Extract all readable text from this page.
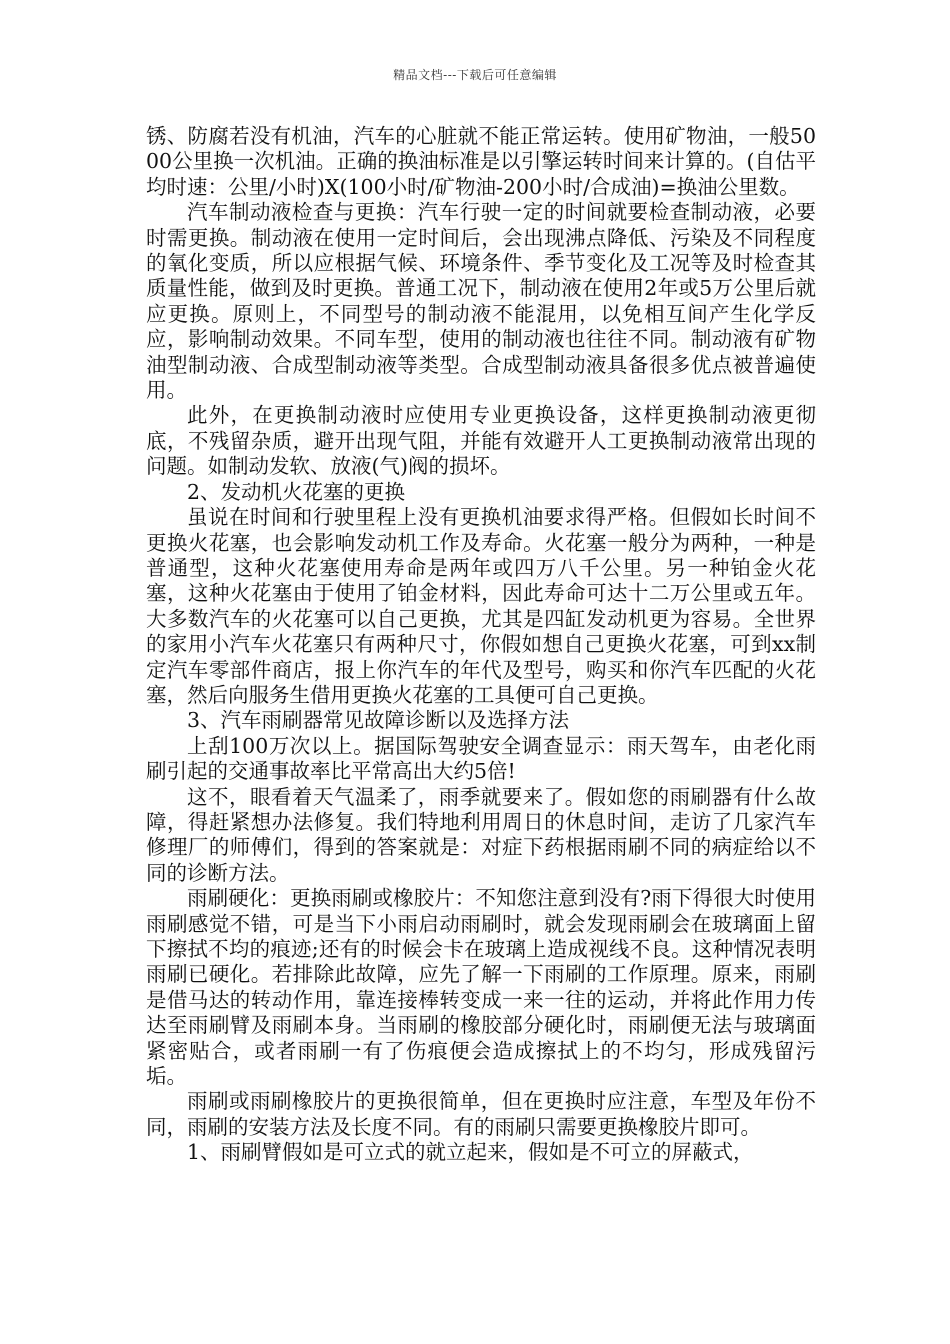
精品文档---下载后可任意编辑

锈、防腐若没有机油，汽车的心脏就不能正常运转。使用矿物油，一般5000公里换一次机油。正确的换油标准是以引擎运转时间来计算的。(自估平均时速：公里/小时)X(100小时/矿物油-200小时/合成油)=换油公里数。

汽车制动液检查与更换：汽车行驶一定的时间就要检查制动液，必要时需更换。制动液在使用一定时间后，会出现沸点降低、污染及不同程度的氧化变质，所以应根据气候、环境条件、季节变化及工况等及时检查其质量性能，做到及时更换。普通工况下，制动液在使用2年或5万公里后就应更换。原则上，不同型号的制动液不能混用，以免相互间产生化学反应，影响制动效果。不同车型，使用的制动液也往往不同。制动液有矿物油型制动液、合成型制动液等类型。合成型制动液具备很多优点被普遍使用。

此外，在更换制动液时应使用专业更换设备，这样更换制动液更彻底，不残留杂质，避开出现气阻，并能有效避开人工更换制动液常出现的问题。如制动发软、放液(气)阀的损坏。

2、发动机火花塞的更换

虽说在时间和行驶里程上没有更换机油要求得严格。但假如长时间不更换火花塞，也会影响发动机工作及寿命。火花塞一般分为两种，一种是普通型，这种火花塞使用寿命是两年或四万八千公里。另一种铂金火花塞，这种火花塞由于使用了铂金材料，因此寿命可达十二万公里或五年。大多数汽车的火花塞可以自己更换，尤其是四缸发动机更为容易。全世界的家用小汽车火花塞只有两种尺寸，你假如想自己更换火花塞，可到xx制定汽车零部件商店，报上你汽车的年代及型号，购买和你汽车匹配的火花塞，然后向服务生借用更换火花塞的工具便可自己更换。

3、汽车雨刷器常见故障诊断以及选择方法

上刮100万次以上。据国际驾驶安全调查显示：雨天驾车，由老化雨刷引起的交通事故率比平常高出大约5倍!

这不，眼看着天气温柔了，雨季就要来了。假如您的雨刷器有什么故障，得赶紧想办法修复。我们特地利用周日的休息时间，走访了几家汽车修理厂的师傅们，得到的答案就是：对症下药根据雨刷不同的病症给以不同的诊断方法。

雨刷硬化：更换雨刷或橡胶片：不知您注意到没有?雨下得很大时使用雨刷感觉不错，可是当下小雨启动雨刷时，就会发现雨刷会在玻璃面上留下擦拭不均的痕迹;还有的时候会卡在玻璃上造成视线不良。这种情况表明雨刷已硬化。若排除此故障，应先了解一下雨刷的工作原理。原来，雨刷是借马达的转动作用，靠连接棒转变成一来一往的运动，并将此作用力传达至雨刷臂及雨刷本身。当雨刷的橡胶部分硬化时，雨刷便无法与玻璃面紧密贴合，或者雨刷一有了伤痕便会造成擦拭上的不均匀，形成残留污垢。

雨刷或雨刷橡胶片的更换很简单，但在更换时应注意，车型及年份不同，雨刷的安装方法及长度不同。有的雨刷只需要更换橡胶片即可。

1、雨刷臂假如是可立式的就立起来，假如是不可立的屏蔽式，
